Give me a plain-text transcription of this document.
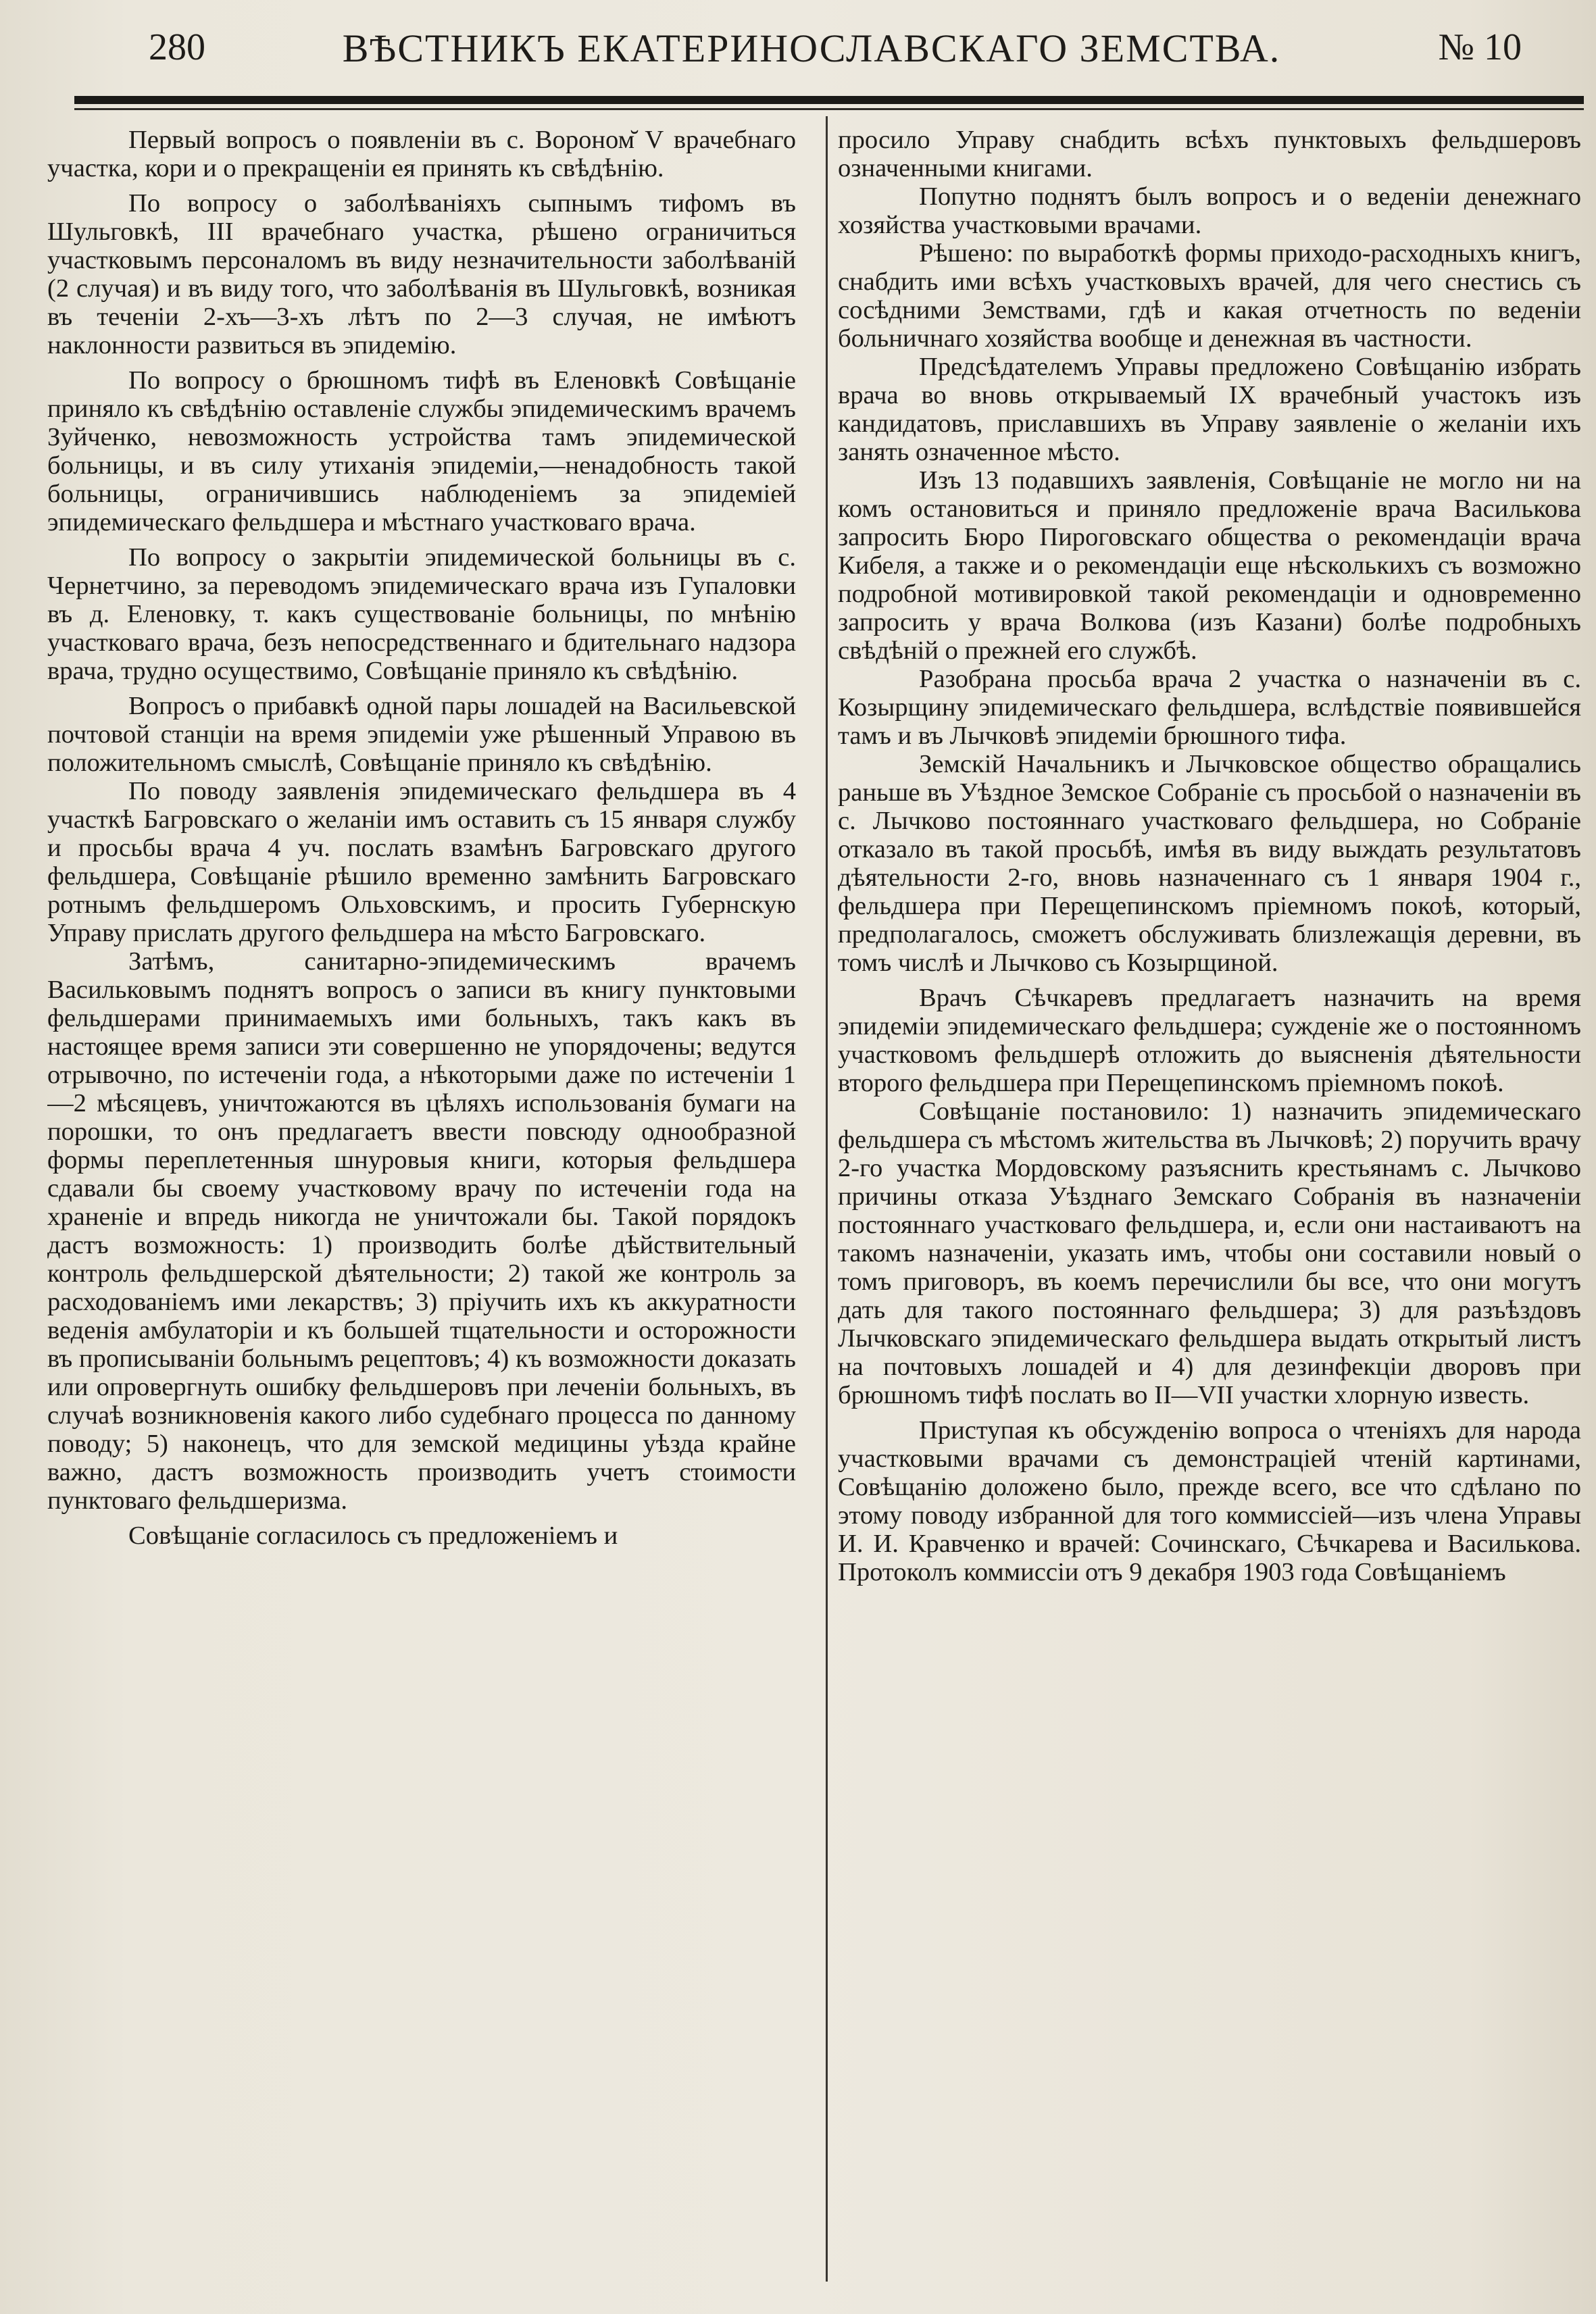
280	ВѢСТНИКЪ ЕКАТЕРИНОСЛАВСКАГО ЗЕМСТВА.	№ 10

Первый вопросъ о появленіи въ с. Вороном̆ V врачебнаго участка, кори и о прекращеніи ея принять къ свѣдѣнію.

По вопросу о заболѣваніяхъ сыпнымъ тифомъ въ Шульговкѣ, III врачебнаго участка, рѣшено ограничиться участковымъ персоналомъ въ виду незначительности заболѣваній (2 случая) и въ виду того, что заболѣванія въ Шульговкѣ, возникая въ теченіи 2-хъ—3-хъ лѣтъ по 2—3 случая, не имѣютъ наклонности развиться въ эпидемію.

По вопросу о брюшномъ тифѣ въ Еленовкѣ Совѣщаніе приняло къ свѣдѣнію оставленіе службы эпидемическимъ врачемъ Зуйченко, невозможность устройства тамъ эпидемической больницы, и въ силу утиханія эпидеміи,—ненадобность такой больницы, ограничившись наблюденіемъ за эпидеміей эпидемическаго фельдшера и мѣстнаго участковаго врача.

По вопросу о закрытіи эпидемической больницы въ с. Чернетчино, за переводомъ эпидемическаго врача изъ Гупаловки въ д. Еленовку, т. какъ существованіе больницы, по мнѣнію участковаго врача, безъ непосредственнаго и бдительнаго надзора врача, трудно осуществимо, Совѣщаніе приняло къ свѣдѣнію.

Вопросъ о прибавкѣ одной пары лошадей на Васильевской почтовой станціи на время эпидеміи уже рѣшенный Управою въ положительномъ смыслѣ, Совѣщаніе приняло къ свѣдѣнію.

По поводу заявленія эпидемическаго фельдшера въ 4 участкѣ Багровскаго о желаніи имъ оставить съ 15 января службу и просьбы врача 4 уч. послать взамѣнъ Багровскаго другого фельдшера, Совѣщаніе рѣшило временно замѣнить Багровскаго ротнымъ фельдшеромъ Ольховскимъ, и просить Губернскую Управу прислать другого фельдшера на мѣсто Багровскаго.

Затѣмъ, санитарно-эпидемическимъ врачемъ Васильковымъ поднятъ вопросъ о записи въ книгу пунктовыми фельдшерами принимаемыхъ ими больныхъ, такъ какъ въ настоящее время записи эти совершенно не упорядочены; ведутся отрывочно, по истеченіи года, а нѣкоторыми даже по истеченіи 1—2 мѣсяцевъ, уничтожаются въ цѣляхъ использованія бумаги на порошки, то онъ предлагаетъ ввести повсюду однообразной формы переплетенныя шнуровыя книги, которыя фельдшера сдавали бы своему участковому врачу по истеченіи года на храненіе и впредь никогда не уничтожали бы. Такой порядокъ дастъ возможность: 1) производить болѣе дѣйствительный контроль фельдшерской дѣятельности; 2) такой же контроль за расходованіемъ ими лекарствъ; 3) пріучить ихъ къ аккуратности веденія амбулаторіи и къ большей тщательности и осторожности въ прописываніи больнымъ рецептовъ; 4) къ возможности доказать или опровергнуть ошибку фельдшеровъ при леченіи больныхъ, въ случаѣ возникновенія какого либо судебнаго процесса по данному поводу; 5) наконецъ, что для земской медицины уѣзда крайне важно, дастъ возможность производить учетъ стоимости пунктоваго фельдшеризма.

Совѣщаніе согласилось съ предложеніемъ и

просило Управу снабдить всѣхъ пунктовыхъ фельдшеровъ означенными книгами.

Попутно поднятъ былъ вопросъ и о веденіи денежнаго хозяйства участковыми врачами.

Рѣшено: по выработкѣ формы приходо-расходныхъ книгъ, снабдить ими всѣхъ участковыхъ врачей, для чего снестись съ сосѣдними Земствами, гдѣ и какая отчетность по веденіи больничнаго хозяйства вообще и денежная въ частности.

Предсѣдателемъ Управы предложено Совѣщанію избрать врача во вновь открываемый IX врачебный участокъ изъ кандидатовъ, приславшихъ въ Управу заявленіе о желаніи ихъ занять означенное мѣсто.

Изъ 13 подавшихъ заявленія, Совѣщаніе не могло ни на комъ остановиться и приняло предложеніе врача Василькова запросить Бюро Пироговскаго общества о рекомендаціи врача Кибеля, а также и о рекомендаціи еще нѣсколькихъ съ возможно подробной мотивировкой такой рекомендаціи и одновременно запросить у врача Волкова (изъ Казани) болѣе подробныхъ свѣдѣній о прежней его службѣ.

Разобрана просьба врача 2 участка о назначеніи въ с. Козырщину эпидемическаго фельдшера, вслѣдствіе появившейся тамъ и въ Лычковѣ эпидеміи брюшного тифа.

Земскій Начальникъ и Лычковское общество обращались раньше въ Уѣздное Земское Собраніе съ просьбой о назначеніи въ с. Лычково постояннаго участковаго фельдшера, но Собраніе отказало въ такой просьбѣ, имѣя въ виду выждать результатовъ дѣятельности 2-го, вновь назначеннаго съ 1 января 1904 г., фельдшера при Перещепинскомъ пріемномъ покоѣ, который, предполагалось, сможетъ обслуживать близлежащія деревни, въ томъ числѣ и Лычково съ Козырщиной.

Врачъ Сѣчкаревъ предлагаетъ назначить на время эпидеміи эпидемическаго фельдшера; сужденіе же о постоянномъ участковомъ фельдшерѣ отложить до выясненія дѣятельности второго фельдшера при Перещепинскомъ пріемномъ покоѣ.

Совѣщаніе постановило: 1) назначить эпидемическаго фельдшера съ мѣстомъ жительства въ Лычковѣ; 2) поручить врачу 2-го участка Мордовскому разъяснить крестьянамъ с. Лычково причины отказа Уѣзднаго Земскаго Собранія въ назначеніи постояннаго участковаго фельдшера, и, если они настаиваютъ на такомъ назначеніи, указать имъ, чтобы они составили новый о томъ приговоръ, въ коемъ перечислили бы все, что они могутъ дать для такого постояннаго фельдшера; 3) для разъѣздовъ Лычковскаго эпидемическаго фельдшера выдать открытый листъ на почтовыхъ лошадей и 4) для дезинфекціи дворовъ при брюшномъ тифѣ послать во II—VII участки хлорную известь.

Приступая къ обсужденію вопроса о чтеніяхъ для народа участковыми врачами съ демонстраціей чтеній картинами, Совѣщанію доложено было, прежде всего, все что сдѣлано по этому поводу избранной для того коммиссіей—изъ члена Управы И. И. Кравченко и врачей: Сочинскаго, Сѣчкарева и Василькова. Протоколъ коммиссіи отъ 9 декабря 1903 года Совѣщаніемъ
